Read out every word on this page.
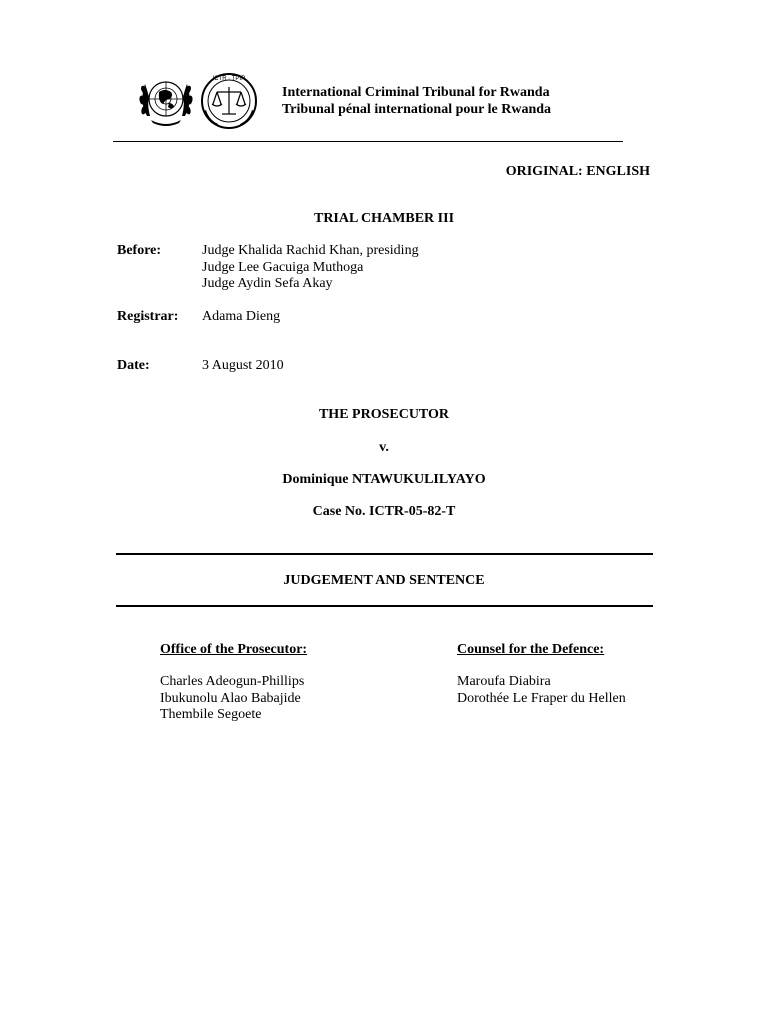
ICTR · TPIR
International Criminal Tribunal for Rwanda
Tribunal pénal international pour le Rwanda
ORIGINAL: ENGLISH
TRIAL CHAMBER III
Before:	Judge Khalida Rachid Khan, presiding
Judge Lee Gacuiga Muthoga
Judge Aydin Sefa Akay
Registrar: Adama Dieng
Date:	3 August 2010
THE PROSECUTOR
v.
Dominique NTAWUKULILYAYO
Case No. ICTR-05-82-T
JUDGEMENT AND SENTENCE
Office of the Prosecutor:
Charles Adeogun-Phillips
Ibukunolu Alao Babajide
Thembile Segoete
Counsel for the Defence:
Maroufa Diabira
Dorothée Le Fraper du Hellen
